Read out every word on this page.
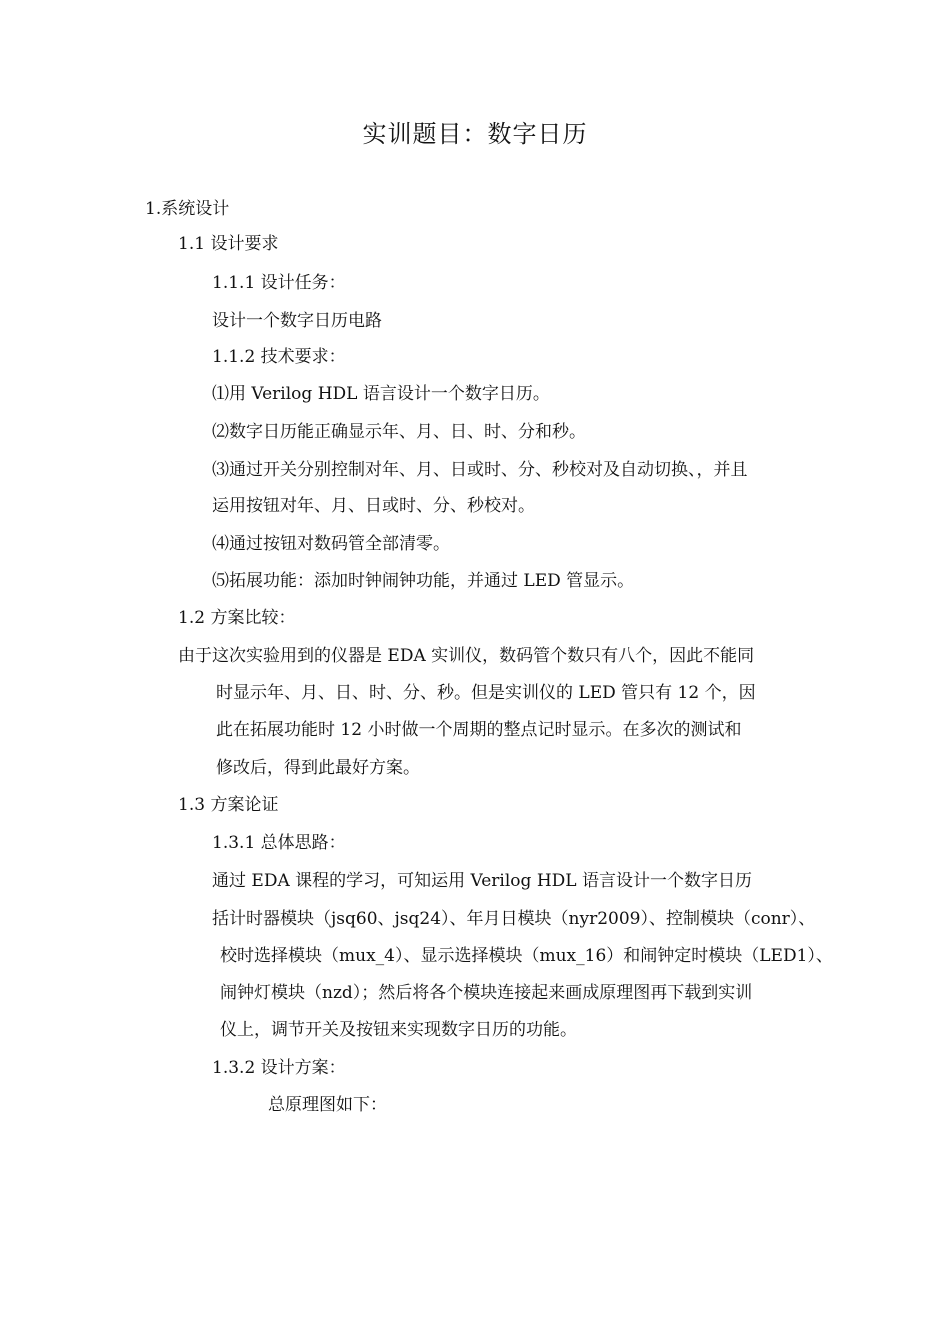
实训题目：数字日历
1.系统设计
1.1 设计要求
1.1.1 设计任务：
设计一个数字日历电路
1.1.2 技术要求：
⑴用 Verilog HDL 语言设计一个数字日历。
⑵数字日历能正确显示年、月、日、时、分和秒。
⑶通过开关分别控制对年、月、日或时、分、秒校对及自动切换、，并且
运用按钮对年、月、日或时、分、秒校对。
⑷通过按钮对数码管全部清零。
⑸拓展功能：添加时钟闹钟功能，并通过 LED 管显示。
1.2 方案比较：
由于这次实验用到的仪器是 EDA 实训仪，数码管个数只有八个，因此不能同
时显示年、月、日、时、分、秒。但是实训仪的 LED 管只有 12 个，因
此在拓展功能时 12 小时做一个周期的整点记时显示。在多次的测试和
修改后，得到此最好方案。
1.3 方案论证
1.3.1 总体思路：
通过 EDA 课程的学习，可知运用 Verilog HDL 语言设计一个数字日历
括计时器模块（jsq60、jsq24）、年月日模块（nyr2009）、控制模块（conr）、
校时选择模块（mux_4）、显示选择模块（mux_16）和闹钟定时模块（LED1）、
闹钟灯模块（nzd）；然后将各个模块连接起来画成原理图再下载到实训
仪上，调节开关及按钮来实现数字日历的功能。
1.3.2 设计方案：
总原理图如下：
